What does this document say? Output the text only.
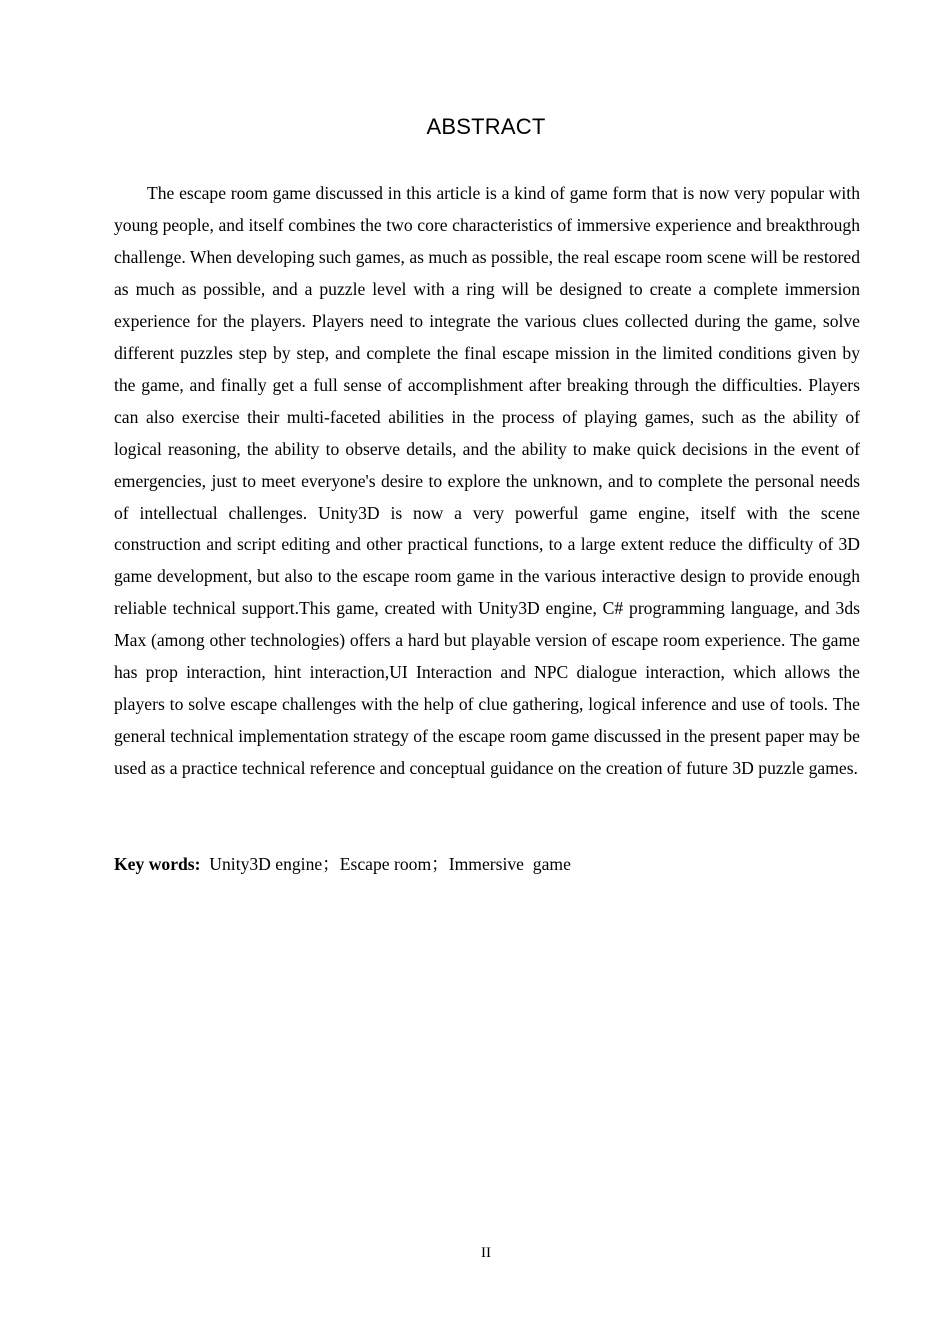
ABSTRACT

The escape room game discussed in this article is a kind of game form that is now very popular with young people, and itself combines the two core characteristics of immersive experience and breakthrough challenge. When developing such games, as much as possible, the real escape room scene will be restored as much as possible, and a puzzle level with a ring will be designed to create a complete immersion experience for the players. Players need to integrate the various clues collected during the game, solve different puzzles step by step, and complete the final escape mission in the limited conditions given by the game, and finally get a full sense of accomplishment after breaking through the difficulties. Players can also exercise their multi-faceted abilities in the process of playing games, such as the ability of logical reasoning, the ability to observe details, and the ability to make quick decisions in the event of emergencies, just to meet everyone's desire to explore the unknown, and to complete the personal needs of intellectual challenges. Unity3D is now a very powerful game engine, itself with the scene construction and script editing and other practical functions, to a large extent reduce the difficulty of 3D game development, but also to the escape room game in the various interactive design to provide enough reliable technical support.This game, created with Unity3D engine, C# programming language, and 3ds Max (among other technologies) offers a hard but playable version of escape room experience. The game has prop interaction, hint interaction,UI Interaction and NPC dialogue interaction, which allows the players to solve escape challenges with the help of clue gathering, logical inference and use of tools. The general technical implementation strategy of the escape room game discussed in the present paper may be used as a practice technical reference and conceptual guidance on the creation of future 3D puzzle games.

Key words: Unity3D engine；Escape room；Immersive  game
II
